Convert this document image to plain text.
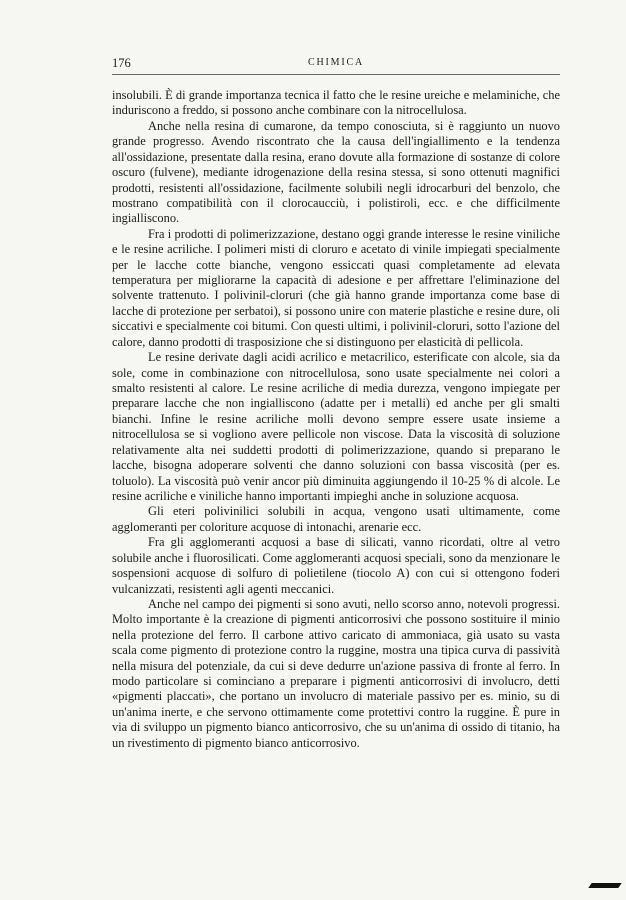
176	CHIMICA

insolubili. È di grande importanza tecnica il fatto che le resine ureiche e melaminiche, che induriscono a freddo, si possono anche combinare con la nitrocellulosa.

Anche nella resina di cumarone, da tempo conosciuta, si è raggiunto un nuovo grande progresso. Avendo riscontrato che la causa dell'ingiallimento e la tendenza all'ossidazione, presentate dalla resina, erano dovute alla formazione di sostanze di colore oscuro (fulvene), mediante idrogenazione della resina stessa, si sono ottenuti magnifici prodotti, resistenti all'ossidazione, facilmente solubili negli idrocarburi del benzolo, che mostrano compatibilità con il clorocaucciù, i polistiroli, ecc. e che difficilmente ingialliscono.

Fra i prodotti di polimerizzazione, destano oggi grande interesse le resine viniliche e le resine acriliche. I polimeri misti di cloruro e acetato di vinile impiegati specialmente per le lacche cotte bianche, vengono essiccati quasi completamente ad elevata temperatura per migliorarne la capacità di adesione e per affrettare l'eliminazione del solvente trattenuto. I polivinil-cloruri (che già hanno grande importanza come base di lacche di protezione per serbatoi), si possono unire con materie plastiche e resine dure, oli siccativi e specialmente coi bitumi. Con questi ultimi, i polivinil-cloruri, sotto l'azione del calore, danno prodotti di trasposizione che si distinguono per elasticità di pellicola.

Le resine derivate dagli acidi acrilico e metacrilico, esterificate con alcole, sia da sole, come in combinazione con nitrocellulosa, sono usate specialmente nei colori a smalto resistenti al calore. Le resine acriliche di media durezza, vengono impiegate per preparare lacche che non ingialliscono (adatte per i metalli) ed anche per gli smalti bianchi. Infine le resine acriliche molli devono sempre essere usate insieme a nitrocellulosa se si vogliono avere pellicole non viscose. Data la viscosità di soluzione relativamente alta nei suddetti prodotti di polimerizzazione, quando si preparano le lacche, bisogna adoperare solventi che danno soluzioni con bassa viscosità (per es. toluolo). La viscosità può venir ancor più diminuita aggiungendo il 10-25 % di alcole. Le resine acriliche e viniliche hanno importanti impieghi anche in soluzione acquosa.

Gli eteri polivinilici solubili in acqua, vengono usati ultimamente, come agglomeranti per coloriture acquose di intonachi, arenarie ecc.

Fra gli agglomeranti acquosi a base di silicati, vanno ricordati, oltre al vetro solubile anche i fluorosilicati. Come agglomeranti acquosi speciali, sono da menzionare le sospensioni acquose di solfuro di polietilene (tiocolo A) con cui si ottengono foderi vulcanizzati, resistenti agli agenti meccanici.

Anche nel campo dei pigmenti si sono avuti, nello scorso anno, notevoli progressi. Molto importante è la creazione di pigmenti anticorrosivi che possono sostituire il minio nella protezione del ferro. Il carbone attivo caricato di ammoniaca, già usato su vasta scala come pigmento di protezione contro la ruggine, mostra una tipica curva di passività nella misura del potenziale, da cui si deve dedurre un'azione passiva di fronte al ferro. In modo particolare si cominciano a preparare i pigmenti anticorrosivi di involucro, detti «pigmenti placcati», che portano un involucro di materiale passivo per es. minio, su di un'anima inerte, e che servono ottimamente come protettivi contro la ruggine. È pure in via di sviluppo un pigmento bianco anticorrosivo, che su un'anima di ossido di titanio, ha un rivestimento di pigmento bianco anticorrosivo.
